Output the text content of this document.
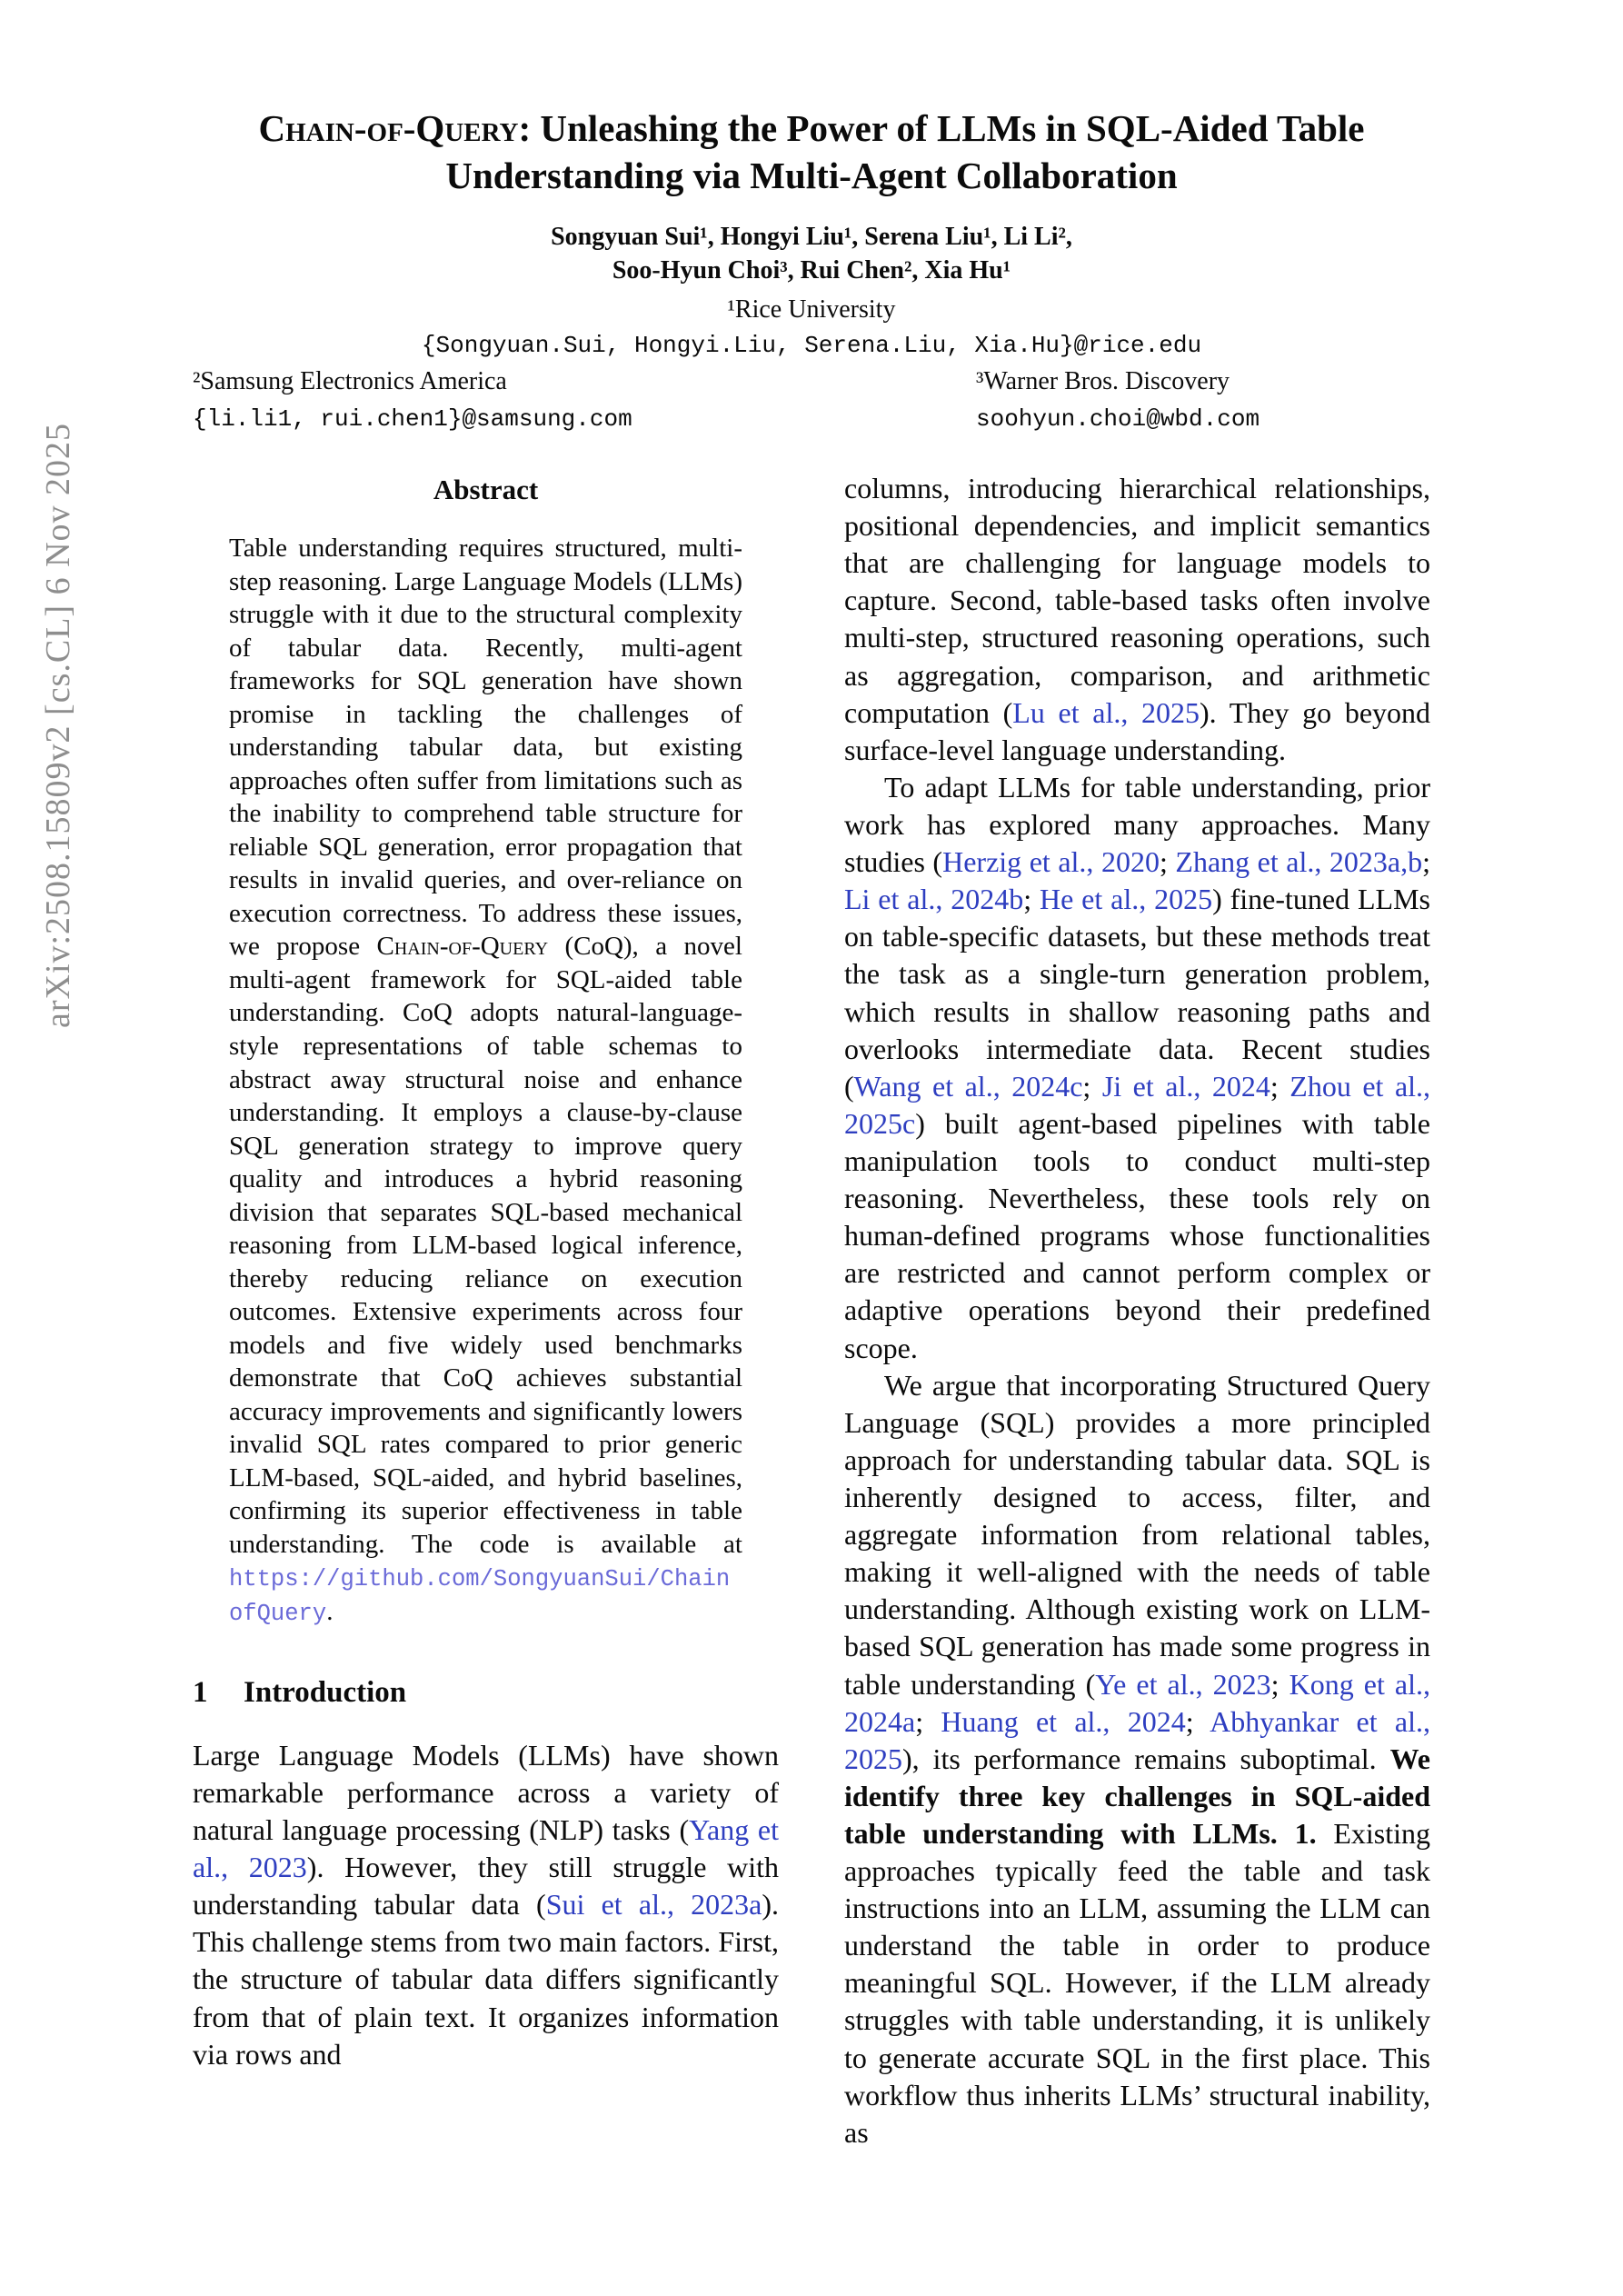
arXiv:2508.15809v2 [cs.CL] 6 Nov 2025
Chain-of-Query: Unleashing the Power of LLMs in SQL-Aided Table Understanding via Multi-Agent Collaboration
Songyuan Sui¹, Hongyi Liu¹, Serena Liu¹, Li Li²,
Soo-Hyun Choi³, Rui Chen², Xia Hu¹
¹Rice University
{Songyuan.Sui, Hongyi.Liu, Serena.Liu, Xia.Hu}@rice.edu
²Samsung Electronics America	³Warner Bros. Discovery
{li.li1, rui.chen1}@samsung.com	soohyun.choi@wbd.com
Abstract

Table understanding requires structured, multi-step reasoning. Large Language Models (LLMs) struggle with it due to the structural complexity of tabular data. Recently, multi-agent frameworks for SQL generation have shown promise in tackling the challenges of understanding tabular data, but existing approaches often suffer from limitations such as the inability to comprehend table structure for reliable SQL generation, error propagation that results in invalid queries, and over-reliance on execution correctness. To address these issues, we propose Chain-of-Query (CoQ), a novel multi-agent framework for SQL-aided table understanding. CoQ adopts natural-language-style representations of table schemas to abstract away structural noise and enhance understanding. It employs a clause-by-clause SQL generation strategy to improve query quality and introduces a hybrid reasoning division that separates SQL-based mechanical reasoning from LLM-based logical inference, thereby reducing reliance on execution outcomes. Extensive experiments across four models and five widely used benchmarks demonstrate that CoQ achieves substantial accuracy improvements and significantly lowers invalid SQL rates compared to prior generic LLM-based, SQL-aided, and hybrid baselines, confirming its superior effectiveness in table understanding. The code is available at https://github.com/SongyuanSui/ChainofQuery.

1 Introduction

Large Language Models (LLMs) have shown remarkable performance across a variety of natural language processing (NLP) tasks (Yang et al., 2023). However, they still struggle with understanding tabular data (Sui et al., 2023a). This challenge stems from two main factors. First, the structure of tabular data differs significantly from that of plain text. It organizes information via rows and

columns, introducing hierarchical relationships, positional dependencies, and implicit semantics that are challenging for language models to capture. Second, table-based tasks often involve multi-step, structured reasoning operations, such as aggregation, comparison, and arithmetic computation (Lu et al., 2025). They go beyond surface-level language understanding.

To adapt LLMs for table understanding, prior work has explored many approaches. Many studies (Herzig et al., 2020; Zhang et al., 2023a,b; Li et al., 2024b; He et al., 2025) fine-tuned LLMs on table-specific datasets, but these methods treat the task as a single-turn generation problem, which results in shallow reasoning paths and overlooks intermediate data. Recent studies (Wang et al., 2024c; Ji et al., 2024; Zhou et al., 2025c) built agent-based pipelines with table manipulation tools to conduct multi-step reasoning. Nevertheless, these tools rely on human-defined programs whose functionalities are restricted and cannot perform complex or adaptive operations beyond their predefined scope.

We argue that incorporating Structured Query Language (SQL) provides a more principled approach for understanding tabular data. SQL is inherently designed to access, filter, and aggregate information from relational tables, making it well-aligned with the needs of table understanding. Although existing work on LLM-based SQL generation has made some progress in table understanding (Ye et al., 2023; Kong et al., 2024a; Huang et al., 2024; Abhyankar et al., 2025), its performance remains suboptimal. We identify three key challenges in SQL-aided table understanding with LLMs. 1. Existing approaches typically feed the table and task instructions into an LLM, assuming the LLM can understand the table in order to produce meaningful SQL. However, if the LLM already struggles with table understanding, it is unlikely to generate accurate SQL in the first place. This workflow thus inherits LLMs’ structural inability, as
